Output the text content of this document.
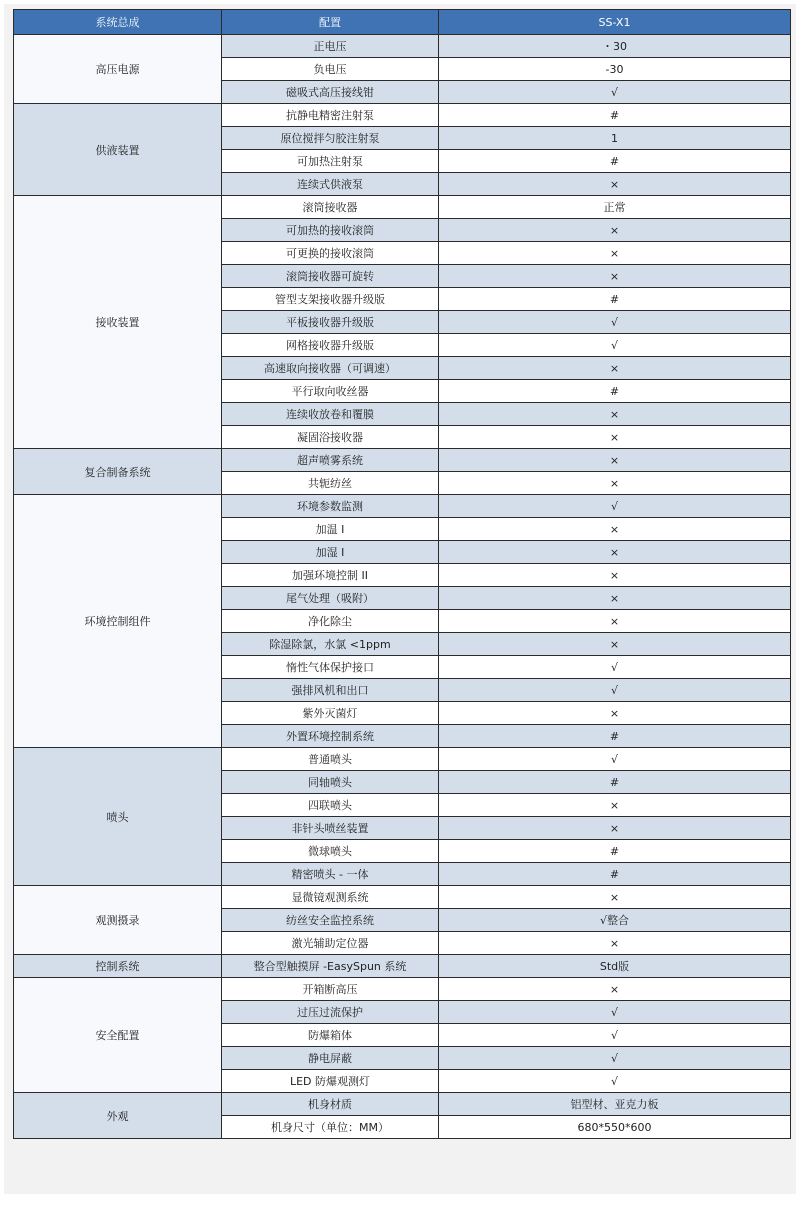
系统总成	配置	SS-X1
高压电源	正电压	・30
	负电压	-30
	磁吸式高压接线钳	√
供液装置	抗静电精密注射泵	#
	原位搅拌匀胶注射泵	1
	可加热注射泵	#
	连续式供液泵	×
接收装置	滚筒接收器	正常
	可加热的接收滚筒	×
	可更换的接收滚筒	×
	滚筒接收器可旋转	×
	管型支架接收器升级版	#
	平板接收器升级版	√
	网格接收器升级版	√
	高速取向接收器（可调速）	×
	平行取向收丝器	#
	连续收放卷和覆膜	×
	凝固浴接收器	×
复合制备系统	超声喷雾系统	×
	共轭纺丝	×
环境控制组件	环境参数监测	√
	加温 I	×
	加湿 I	×
	加强环境控制 II	×
	尾气处理（吸附）	×
	净化除尘	×
	除湿除氯，水氯 <1ppm	×
	惰性气体保护接口	√
	强排风机和出口	√
	紫外灭菌灯	×
	外置环境控制系统	#
喷头	普通喷头	√
	同轴喷头	#
	四联喷头	×
	非针头喷丝装置	×
	微球喷头	#
	精密喷头 - 一体	#
观测摄录	显微镜观测系统	×
	纺丝安全监控系统	√整合
	激光辅助定位器	×
控制系统	整合型触摸屏 -EasySpun 系统	Std版
安全配置	开箱断高压	×
	过压过流保护	√
	防爆箱体	√
	静电屏蔽	√
	LED 防爆观测灯	√
外观	机身材质	铝型材、亚克力板
	机身尺寸（单位：MM）	680*550*600
